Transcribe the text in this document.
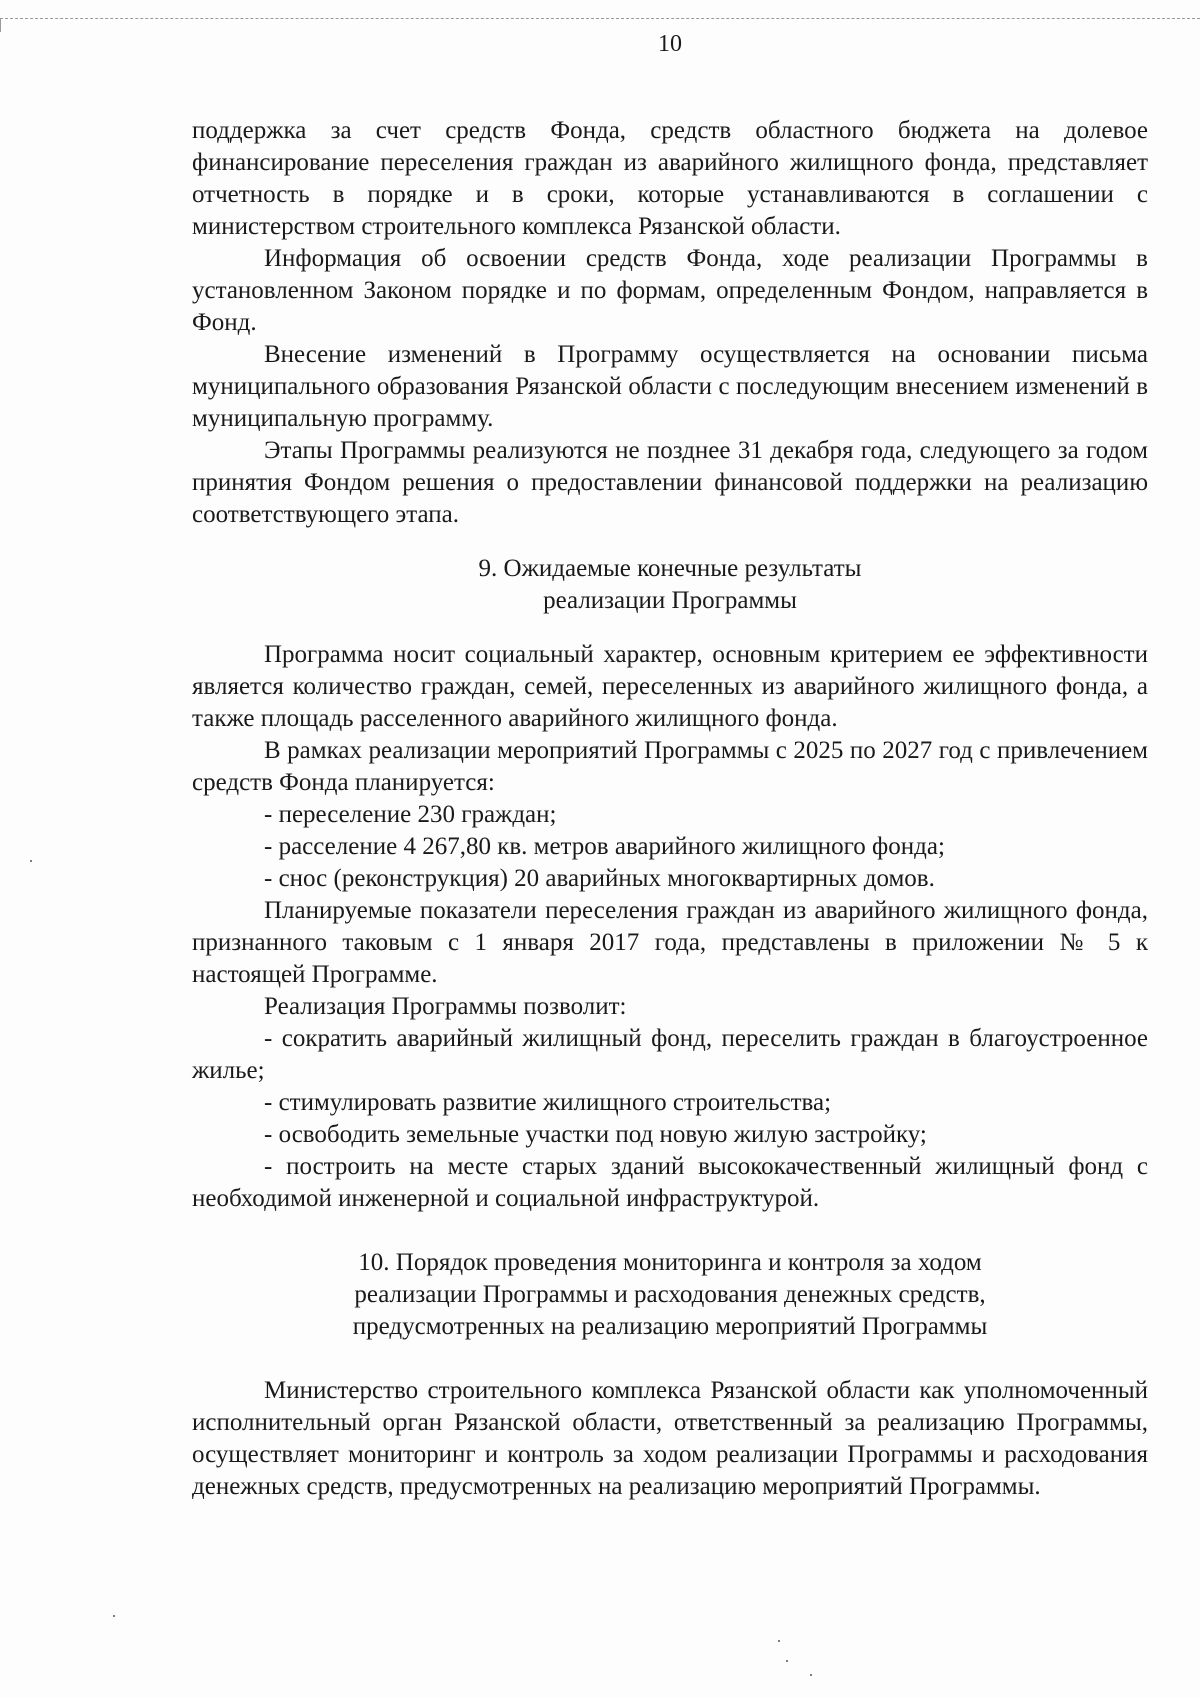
10

поддержка за счет средств Фонда, средств областного бюджета на долевое финансирование переселения граждан из аварийного жилищного фонда, представляет отчетность в порядке и в сроки, которые устанавливаются в соглашении с министерством строительного комплекса Рязанской области.

Информация об освоении средств Фонда, ходе реализации Программы в установленном Законом порядке и по формам, определенным Фондом, направляется в Фонд.

Внесение изменений в Программу осуществляется на основании письма муниципального образования Рязанской области с последующим внесением изменений в муниципальную программу.

Этапы Программы реализуются не позднее 31 декабря года, следующего за годом принятия Фондом решения о предоставлении финансовой поддержки на реализацию соответствующего этапа.

9. Ожидаемые конечные результаты
реализации Программы

Программа носит социальный характер, основным критерием ее эффективности является количество граждан, семей, переселенных из аварийного жилищного фонда, а также площадь расселенного аварийного жилищного фонда.

В рамках реализации мероприятий Программы с 2025 по 2027 год с привлечением средств Фонда планируется:

- переселение 230 граждан;

- расселение 4 267,80 кв. метров аварийного жилищного фонда;

- снос (реконструкция) 20 аварийных многоквартирных домов.

Планируемые показатели переселения граждан из аварийного жилищного фонда, признанного таковым с 1 января 2017 года, представлены в приложении № 5 к настоящей Программе.

Реализация Программы позволит:

- сократить аварийный жилищный фонд, переселить граждан в благоустроенное жилье;

- стимулировать развитие жилищного строительства;

- освободить земельные участки под новую жилую застройку;

- построить на месте старых зданий высококачественный жилищный фонд с необходимой инженерной и социальной инфраструктурой.

10. Порядок проведения мониторинга и контроля за ходом
реализации Программы и расходования денежных средств,
предусмотренных на реализацию мероприятий Программы

Министерство строительного комплекса Рязанской области как уполномоченный исполнительный орган Рязанской области, ответственный за реализацию Программы, осуществляет мониторинг и контроль за ходом реализации Программы и расходования денежных средств, предусмотренных на реализацию мероприятий Программы.
